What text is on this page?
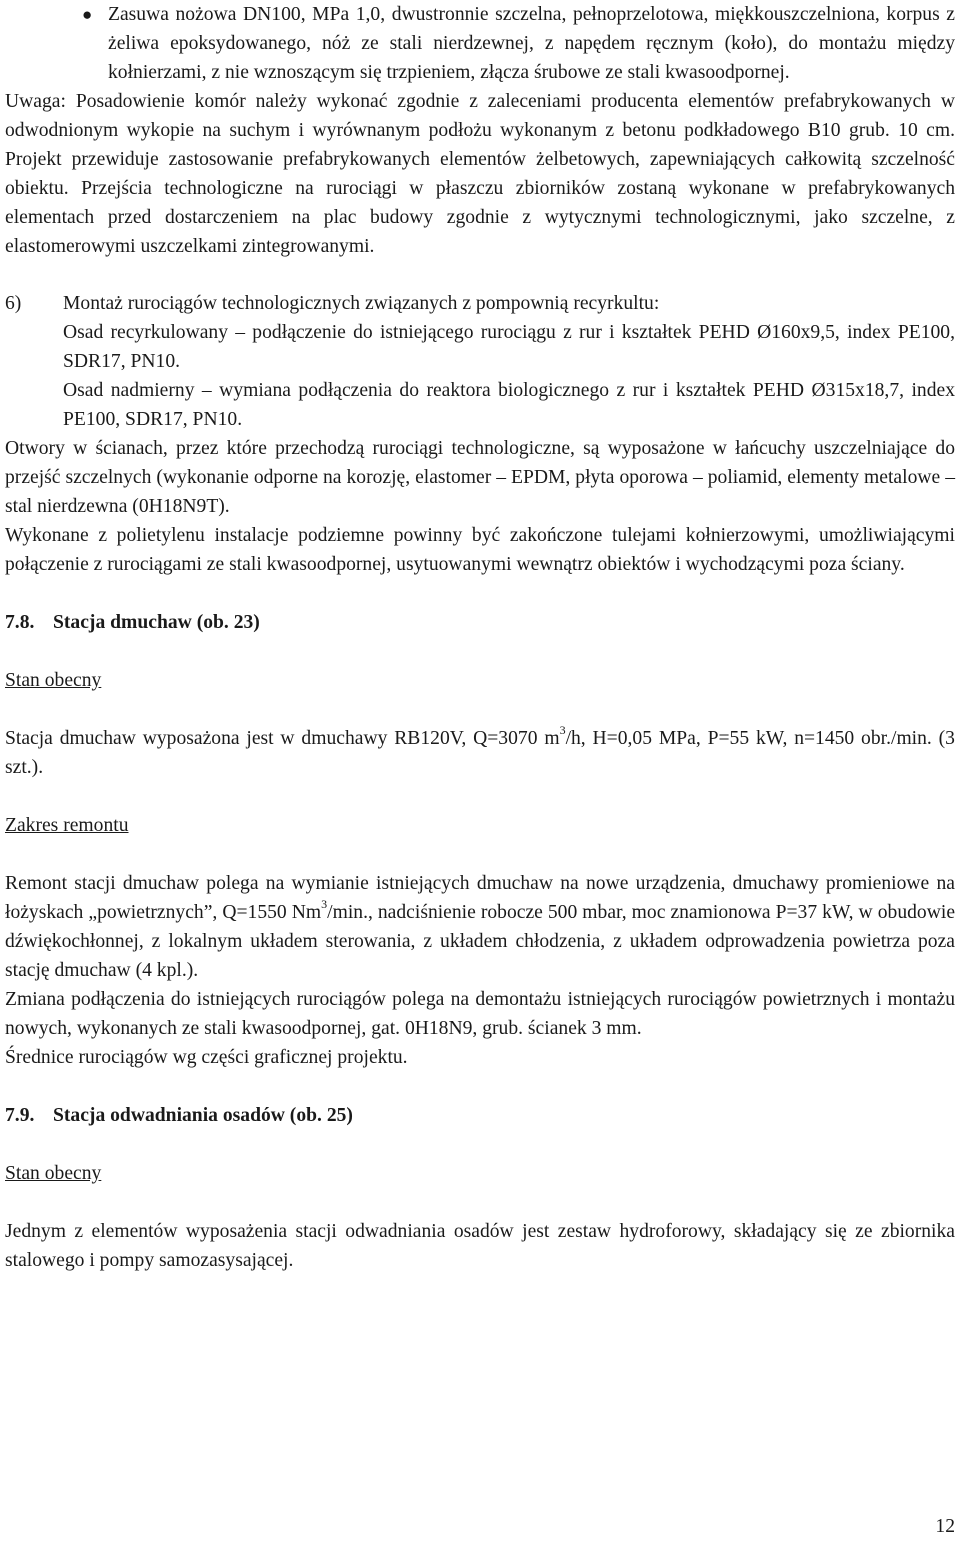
● Zasuwa nożowa DN100, MPa 1,0, dwustronnie szczelna, pełnoprzelotowa, miękkouszczelniona, korpus z żeliwa epoksydowanego, nóż ze stali nierdzewnej, z napędem ręcznym (koło), do montażu między kołnierzami, z nie wznoszącym się trzpieniem, złącza śrubowe ze stali kwasoodpornej.

Uwaga: Posadowienie komór należy wykonać zgodnie z zaleceniami producenta elementów prefabrykowanych w odwodnionym wykopie na suchym i wyrównanym podłożu wykonanym z betonu podkładowego B10 grub. 10 cm. Projekt przewiduje zastosowanie prefabrykowanych elementów żelbetowych, zapewniających całkowitą szczelność obiektu. Przejścia technologiczne na rurociągi w płaszczu zbiorników zostaną wykonane w prefabrykowanych elementach przed dostarczeniem na plac budowy zgodnie z wytycznymi technologicznymi, jako szczelne, z elastomerowymi uszczelkami zintegrowanymi.

6)	Montaż rurociągów technologicznych związanych z pompownią recyrkultu:

Osad recyrkulowany – podłączenie do istniejącego rurociągu z rur i kształtek PEHD Ø160x9,5, index PE100, SDR17, PN10.

Osad nadmierny – wymiana podłączenia do reaktora biologicznego z rur i kształtek PEHD Ø315x18,7, index PE100, SDR17, PN10.

Otwory w ścianach, przez które przechodzą rurociągi technologiczne, są wyposażone w łańcuchy uszczelniające do przejść szczelnych (wykonanie odporne na korozję, elastomer – EPDM, płyta oporowa – poliamid, elementy metalowe – stal nierdzewna (0H18N9T).

Wykonane z polietylenu instalacje podziemne powinny być zakończone tulejami kołnierzowymi, umożliwiającymi połączenie z rurociągami ze stali kwasoodpornej, usytuowanymi wewnątrz obiektów i wychodzącymi poza ściany.

7.8. Stacja dmuchaw (ob. 23)

Stan obecny

Stacja dmuchaw wyposażona jest w dmuchawy RB120V, Q=3070 $m^3/h$, H=0,05 MPa, P=55 kW, n=1450 obr./min. (3 szt.).

Zakres remontu

Remont stacji dmuchaw polega na wymianie istniejących dmuchaw na nowe urządzenia, dmuchawy promieniowe na łożyskach „powietrznych”, Q=1550 Nm$^3$/min., nadciśnienie robocze 500 mbar, moc znamionowa P=37 kW, w obudowie dźwiękochłonnej, z lokalnym układem sterowania, z układem chłodzenia, z układem odprowadzenia powietrza poza stację dmuchaw (4 kpl.).

Zmiana podłączenia do istniejących rurociągów polega na demontażu istniejących rurociągów powietrznych i montażu nowych, wykonanych ze stali kwasoodpornej, gat. 0H18N9, grub. ścianek 3 mm.

Średnice rurociągów wg części graficznej projektu.

7.9. Stacja odwadniania osadów (ob. 25)

Stan obecny

Jednym z elementów wyposażenia stacji odwadniania osadów jest zestaw hydroforowy, składający się ze zbiornika stalowego i pompy samozasysającej.

12
